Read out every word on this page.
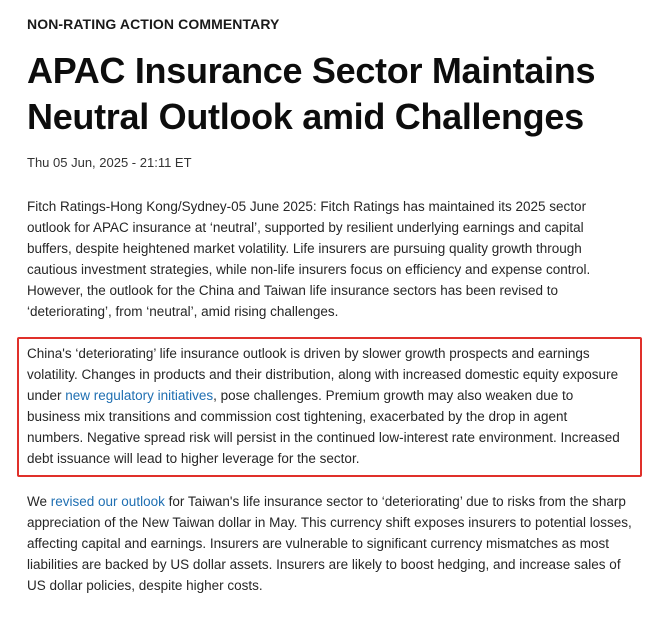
NON-RATING ACTION COMMENTARY
APAC Insurance Sector Maintains Neutral Outlook amid Challenges
Thu 05 Jun, 2025 - 21:11 ET

Fitch Ratings-Hong Kong/Sydney-05 June 2025: Fitch Ratings has maintained its 2025 sector outlook for APAC insurance at ‘neutral’, supported by resilient underlying earnings and capital buffers, despite heightened market volatility. Life insurers are pursuing quality growth through cautious investment strategies, while non-life insurers focus on efficiency and expense control. However, the outlook for the China and Taiwan life insurance sectors has been revised to ‘deteriorating’, from ‘neutral’, amid rising challenges.

China's ‘deteriorating’ life insurance outlook is driven by slower growth prospects and earnings volatility. Changes in products and their distribution, along with increased domestic equity exposure under new regulatory initiatives, pose challenges. Premium growth may also weaken due to business mix transitions and commission cost tightening, exacerbated by the drop in agent numbers. Negative spread risk will persist in the continued low-interest rate environment. Increased debt issuance will lead to higher leverage for the sector.

We revised our outlook for Taiwan's life insurance sector to ‘deteriorating’ due to risks from the sharp appreciation of the New Taiwan dollar in May. This currency shift exposes insurers to potential losses, affecting capital and earnings. Insurers are vulnerable to significant currency mismatches as most liabilities are backed by US dollar assets. Insurers are likely to boost hedging, and increase sales of US dollar policies, despite higher costs.
